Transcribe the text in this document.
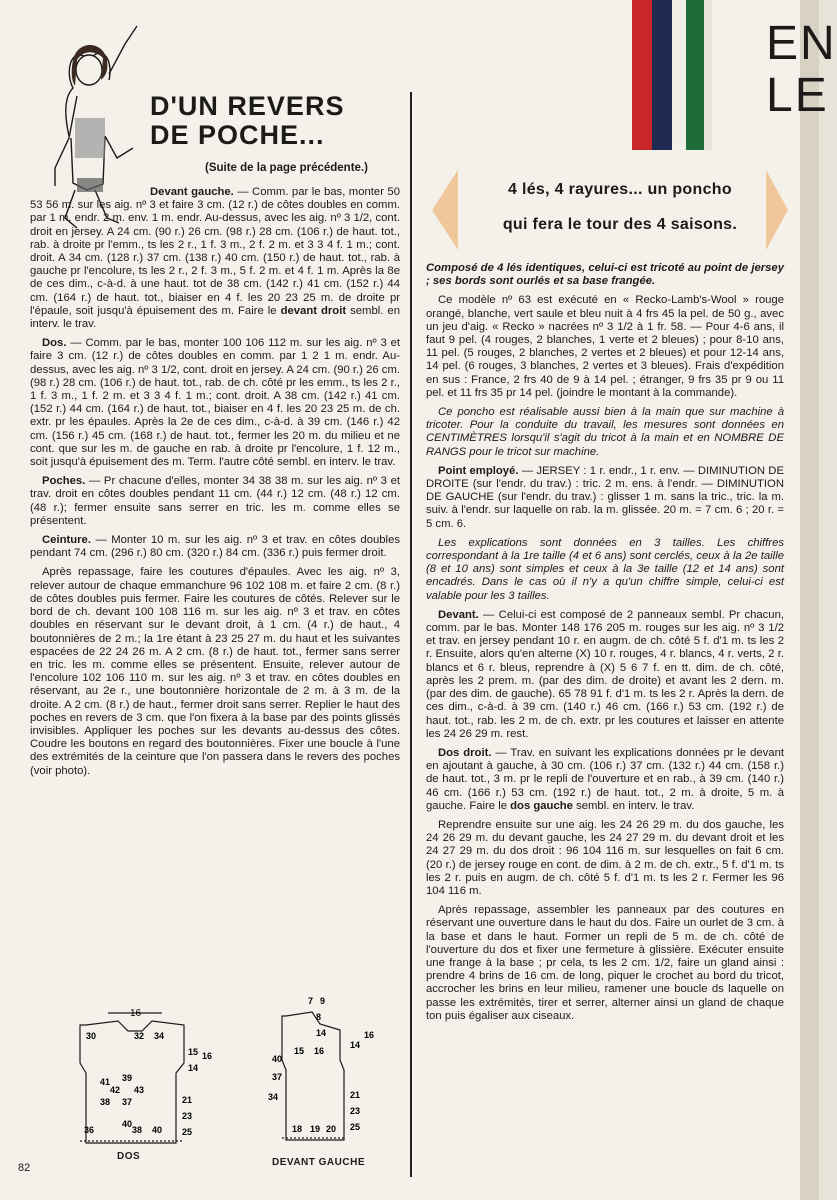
EN
LE
D'UN REVERS
DE POCHE...
(Suite de la page précédente.)

Devant gauche. — Comm. par le bas, monter 50 53 56 m. sur les aig. nº 3 et faire 3 cm. (12 r.) de côtes doubles en comm. par 1 m. endr. 2 m. env. 1 m. endr. Au-dessus, avec les aig. nº 3 1/2, cont. droit en jersey. A 24 cm. (90 r.) 26 cm. (98 r.) 28 cm. (106 r.) de haut. tot., rab. à droite pr l'emm., ts les 2 r., 1 f. 3 m., 2 f. 2 m. et 3 3 4 f. 1 m.; cont. droit. A 34 cm. (128 r.) 37 cm. (138 r.) 40 cm. (150 r.) de haut. tot., rab. à gauche pr l'encolure, ts les 2 r., 2 f. 3 m., 5 f. 2 m. et 4 f. 1 m. Après la 8e de ces dim., c-à-d. à une haut. tot de 38 cm. (142 r.) 41 cm. (152 r.) 44 cm. (164 r.) de haut. tot., biaiser en 4 f. les 20 23 25 m. de droite pr l'épaule, soit jusqu'à épuisement des m. Faire le devant droit sembl. en interv. le trav.

Dos. — Comm. par le bas, monter 100 106 112 m. sur les aig. nº 3 et faire 3 cm. (12 r.) de côtes doubles en comm. par 1 2 1 m. endr. Au-dessus, avec les aig. nº 3 1/2, cont. droit en jersey. A 24 cm. (90 r.) 26 cm. (98 r.) 28 cm. (106 r.) de haut. tot., rab. de ch. côté pr les emm., ts les 2 r., 1 f. 3 m., 1 f. 2 m. et 3 3 4 f. 1 m.; cont. droit. A 38 cm. (142 r.) 41 cm. (152 r.) 44 cm. (164 r.) de haut. tot., biaiser en 4 f. les 20 23 25 m. de ch. extr. pr les épaules. Après la 2e de ces dim., c-à-d. à 39 cm. (146 r.) 42 cm. (156 r.) 45 cm. (168 r.) de haut. tot., fermer les 20 m. du milieu et ne cont. que sur les m. de gauche en rab. à droite pr l'encolure, 1 f. 12 m., soit jusqu'à épuisement des m. Term. l'autre côté sembl. en interv. le trav.

Poches. — Pr chacune d'elles, monter 34 38 38 m. sur les aig. nº 3 et trav. droit en côtes doubles pendant 11 cm. (44 r.) 12 cm. (48 r.) 12 cm. (48 r.); fermer ensuite sans serrer en tric. les m. comme elles se présentent.

Ceinture. — Monter 10 m. sur les aig. nº 3 et trav. en côtes doubles pendant 74 cm. (296 r.) 80 cm. (320 r.) 84 cm. (336 r.) puis fermer droit.

Après repassage, faire les coutures d'épaules. Avec les aig. nº 3, relever autour de chaque emmanchure 96 102 108 m. et faire 2 cm. (8 r.) de côtes doubles puis fermer. Faire les coutures de côtés. Relever sur le bord de ch. devant 100 108 116 m. sur les aig. nº 3 et trav. en côtes doubles en réservant sur le devant droit, à 1 cm. (4 r.) de haut., 4 boutonnières de 2 m.; la 1re étant à 23 25 27 m. du haut et les suivantes espacées de 22 24 26 m. A 2 cm. (8 r.) de haut. tot., fermer sans serrer en tric. les m. comme elles se présentent. Ensuite, relever autour de l'encolure 102 106 110 m. sur les aig. nº 3 et trav. en côtes doubles en réservant, au 2e r., une boutonnière horizontale de 2 m. à 3 m. de la droite. A 2 cm. (8 r.) de haut., fermer droit sans serrer. Replier le haut des poches en revers de 3 cm. que l'on fixera à la base par des points glissés invisibles. Appliquer les poches sur les devants au-dessus des côtes. Coudre les boutons en regard des boutonnières. Fixer une boucle à l'une des extrémités de la ceinture que l'on passera dans le revers des poches (voir photo).

16
30	32 34
15
14
16
41
38
39
37
40
42 43
21
23
25
36	38 40
DOS
7 9
8
14
15 16
34
37
40
14
16
21
23
25
18 19 20
DEVANT GAUCHE
82
4 lés, 4 rayures... un poncho
qui fera le tour des 4 saisons.

Composé de 4 lés identiques, celui-ci est tricoté au point de jersey ; ses bords sont ourlés et sa base frangée.

Ce modèle nº 63 est exécuté en « Recko-Lamb's-Wool » rouge orangé, blanche, vert saule et bleu nuit à 4 frs 45 la pel. de 50 g., avec un jeu d'aig. « Recko » nacrées nº 3 1/2 à 1 fr. 58. — Pour 4-6 ans, il faut 9 pel. (4 rouges, 2 blanches, 1 verte et 2 bleues) ; pour 8-10 ans, 11 pel. (5 rouges, 2 blanches, 2 vertes et 2 bleues) et pour 12-14 ans, 14 pel. (6 rouges, 3 blanches, 2 vertes et 3 bleues). Frais d'expédition en sus : France, 2 frs 40 de 9 à 14 pel. ; étranger, 9 frs 35 pr 9 ou 11 pel. et 11 frs 35 pr 14 pel. (joindre le montant à la commande).

Ce poncho est réalisable aussi bien à la main que sur machine à tricoter. Pour la conduite du travail, les mesures sont données en CENTIMÈTRES lorsqu'il s'agit du tricot à la main et en NOMBRE DE RANGS pour le tricot sur machine.

Point employé. — JERSEY : 1 r. endr., 1 r. env. — DIMINUTION DE DROITE (sur l'endr. du trav.) : tric. 2 m. ens. à l'endr. — DIMINUTION DE GAUCHE (sur l'endr. du trav.) : glisser 1 m. sans la tric., tric. la m. suiv. à l'endr. sur laquelle on rab. la m. glissée. 20 m. = 7 cm. 6 ; 20 r. = 5 cm. 6.

Les explications sont données en 3 tailles. Les chiffres correspondant à la 1re taille (4 et 6 ans) sont cerclés, ceux à la 2e taille (8 et 10 ans) sont simples et ceux à la 3e taille (12 et 14 ans) sont encadrés. Dans le cas où il n'y a qu'un chiffre simple, celui-ci est valable pour les 3 tailles.

Devant. — Celui-ci est composé de 2 panneaux sembl. Pr chacun, comm. par le bas. Monter 148 176 205 m. rouges sur les aig. nº 3 1/2 et trav. en jersey pendant 10 r. en augm. de ch. côté 5 f. d'1 m. ts les 2 r. Ensuite, alors qu'en alterne (X) 10 r. rouges, 4 r. blancs, 4 r. verts, 2 r. blancs et 6 r. bleus, reprendre à (X) 5 6 7 f. en tt. dim. de ch. côté, après les 2 prem. m. (par des dim. de droite) et avant les 2 dern. m. (par des dim. de gauche). 65 78 91 f. d'1 m. ts les 2 r. Après la dern. de ces dim., c-à-d. à 39 cm. (140 r.) 46 cm. (166 r.) 53 cm. (192 r.) de haut. tot., rab. les 2 m. de ch. extr. pr les coutures et laisser en attente les 24 26 29 m. rest.

Dos droit. — Trav. en suivant les explications données pr le devant en ajoutant à gauche, à 30 cm. (106 r.) 37 cm. (132 r.) 44 cm. (158 r.) de haut. tot., 3 m. pr le repli de l'ouverture et en rab., à 39 cm. (140 r.) 46 cm. (166 r.) 53 cm. (192 r.) de haut. tot., 2 m. à droite, 5 m. à gauche. Faire le dos gauche sembl. en interv. le trav.

Reprendre ensuite sur une aig. les 24 26 29 m. du dos gauche, les 24 26 29 m. du devant gauche, les 24 27 29 m. du devant droit et les 24 27 29 m. du dos droit : 96 104 116 m. sur lesquelles on fait 6 cm. (20 r.) de jersey rouge en cont. de dim. à 2 m. de ch. extr., 5 f. d'1 m. ts les 2 r. puis en augm. de ch. côté 5 f. d'1 m. ts les 2 r. Fermer les 96 104 116 m.

Après repassage, assembler les panneaux par des coutures en réservant une ouverture dans le haut du dos. Faire un ourlet de 3 cm. à la base et dans le haut. Former un repli de 5 m. de ch. côté de l'ouverture du dos et fixer une fermeture à glissière. Exécuter ensuite une frange à la base ; pr cela, ts les 2 cm. 1/2, faire un gland ainsi : prendre 4 brins de 16 cm. de long, piquer le crochet au bord du tricot, accrocher les brins en leur milieu, ramener une boucle ds laquelle on passe les extrémités, tirer et serrer, alterner ainsi un gland de chaque ton puis égaliser aux ciseaux.
